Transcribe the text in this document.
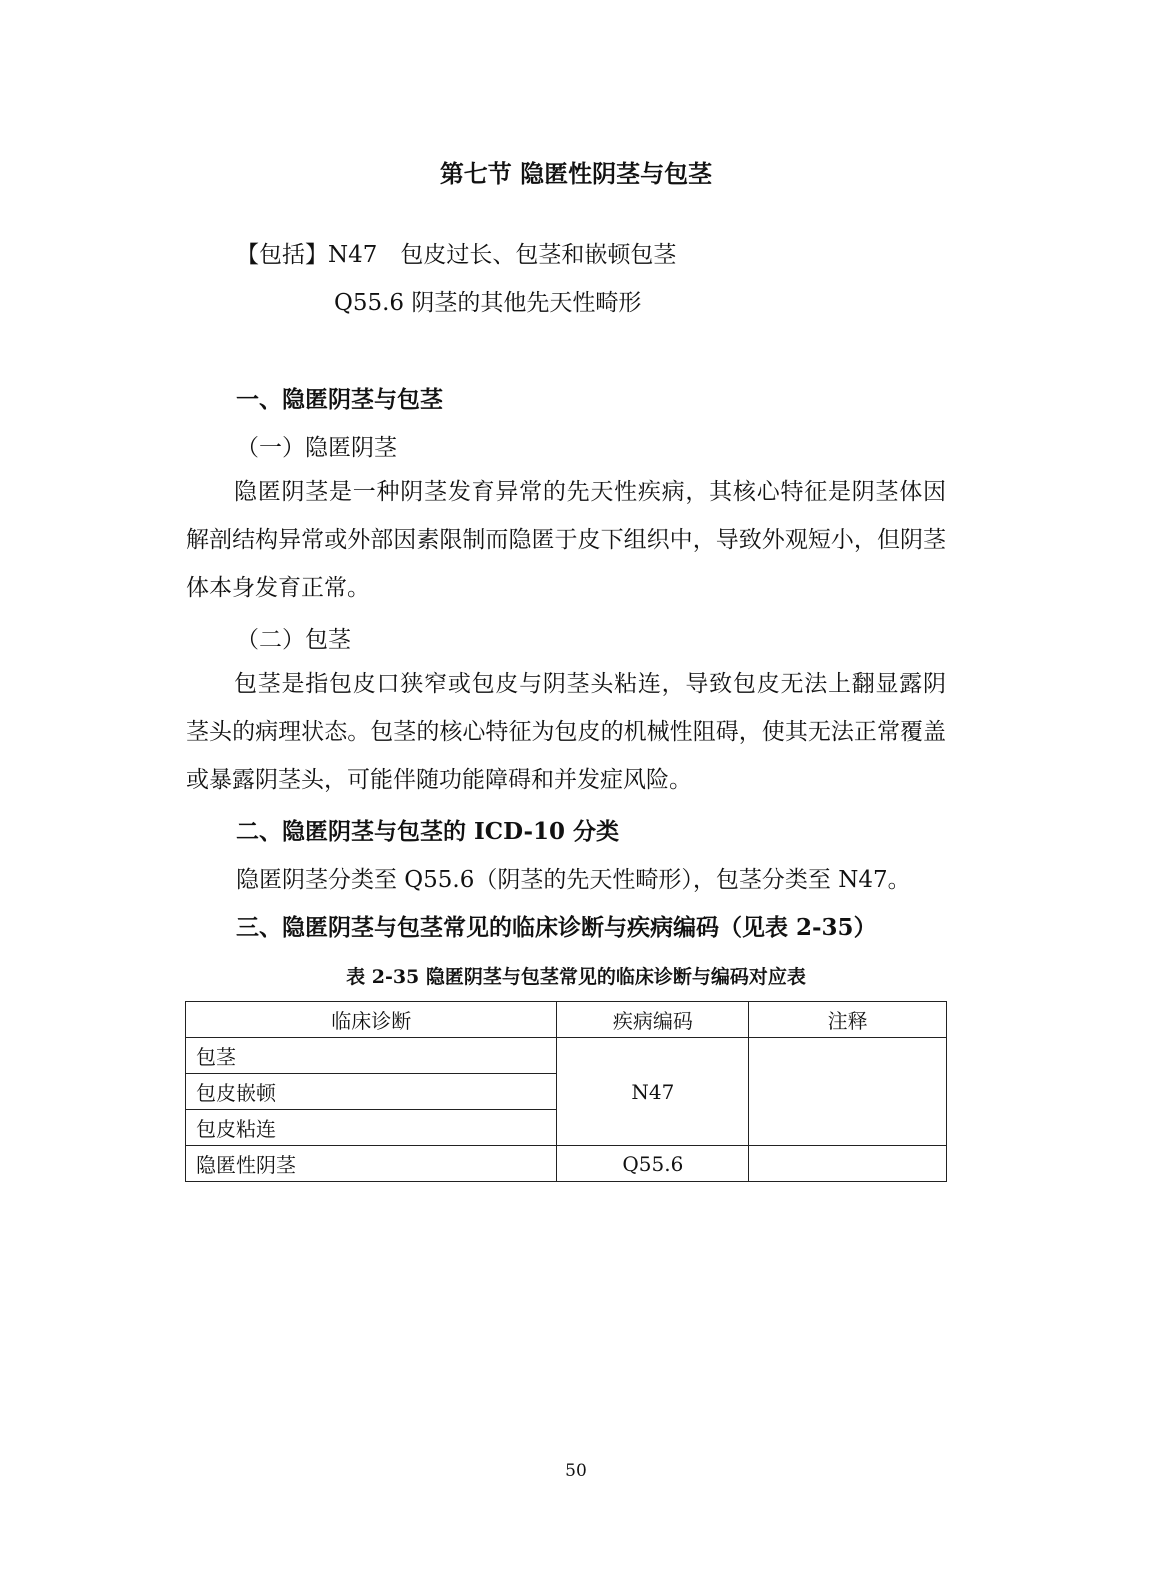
第七节 隐匿性阴茎与包茎
【包括】N47　包皮过长、包茎和嵌顿包茎
Q55.6 阴茎的其他先天性畸形
一、隐匿阴茎与包茎
（一）隐匿阴茎
隐匿阴茎是一种阴茎发育异常的先天性疾病，其核心特征是阴茎体因解剖结构异常或外部因素限制而隐匿于皮下组织中，导致外观短小，但阴茎体本身发育正常。
（二）包茎
包茎是指包皮口狭窄或包皮与阴茎头粘连，导致包皮无法上翻显露阴茎头的病理状态。包茎的核心特征为包皮的机械性阻碍，使其无法正常覆盖或暴露阴茎头，可能伴随功能障碍和并发症风险。
二、隐匿阴茎与包茎的 ICD-10 分类
隐匿阴茎分类至 Q55.6（阴茎的先天性畸形），包茎分类至 N47。
三、隐匿阴茎与包茎常见的临床诊断与疾病编码（见表 2-35）
表 2-35 隐匿阴茎与包茎常见的临床诊断与编码对应表
临床诊断	疾病编码	注释
包茎	N47	
包皮嵌顿		
包皮粘连		
隐匿性阴茎	Q55.6	
50
